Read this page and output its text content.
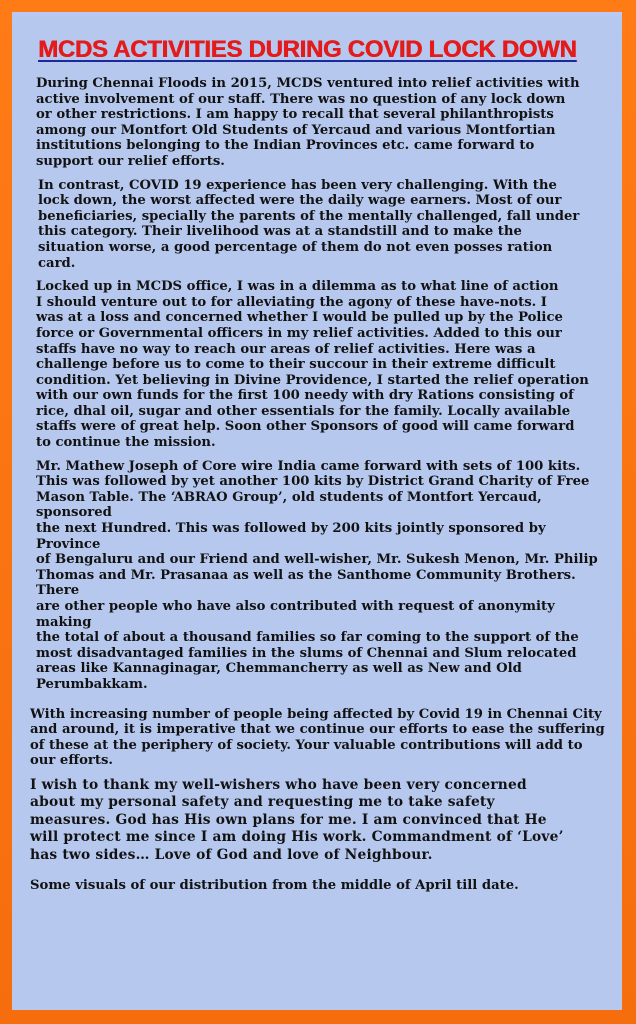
MCDS ACTIVITIES DURING COVID LOCK DOWN

During Chennai Floods in 2015, MCDS ventured into relief activities with
active involvement of our staff. There was no question of any lock down
or other restrictions. I am happy to recall that several philanthropists
among our Montfort Old Students of Yercaud and various Montfortian
institutions belonging to the Indian Provinces etc. came forward to
support our relief efforts.

In contrast, COVID 19 experience has been very challenging. With the
lock down, the worst affected were the daily wage earners. Most of our
beneficiaries, specially the parents of the mentally challenged, fall under
this category. Their livelihood was at a standstill and to make the
situation worse, a good percentage of them do not even posses ration
card.

Locked up in MCDS office, I was in a dilemma as to what line of action
I should venture out to for alleviating the agony of these have-nots. I
was at a loss and concerned whether I would be pulled up by the Police
force or Governmental officers in my relief activities. Added to this our
staffs have no way to reach our areas of relief activities. Here was a
challenge before us to come to their succour in their extreme difficult
condition. Yet believing in Divine Providence, I started the relief operation
with our own funds for the first 100 needy with dry Rations consisting of
rice, dhal oil, sugar and other essentials for the family. Locally available
staffs were of great help. Soon other Sponsors of good will came forward
to continue the mission.

Mr. Mathew Joseph of Core wire India came forward with sets of 100 kits.
This was followed by yet another 100 kits by District Grand Charity of Free
Mason Table. The ‘ABRAO Group’, old students of Montfort Yercaud, sponsored
the next Hundred. This was followed by 200 kits jointly sponsored by Province
of Bengaluru and our Friend and well-wisher, Mr. Sukesh Menon, Mr. Philip
Thomas and Mr. Prasanaa as well as the Santhome Community Brothers. There
are other people who have also contributed with request of anonymity making
the total of about a thousand families so far coming to the support of the
most disadvantaged families in the slums of Chennai and Slum relocated
areas like Kannaginagar, Chemmancherry as well as New and Old
Perumbakkam.

With increasing number of people being affected by Covid 19 in Chennai City
and around, it is imperative that we continue our efforts to ease the suffering
of these at the periphery of society. Your valuable contributions will add to
our efforts.

I wish to thank my well-wishers who have been very concerned
about my personal safety and requesting me to take safety
measures. God has His own plans for me. I am convinced that He
will protect me since I am doing His work. Commandment of ‘Love’
has two sides… Love of God and love of Neighbour.

Some visuals of our distribution from the middle of April till date.
